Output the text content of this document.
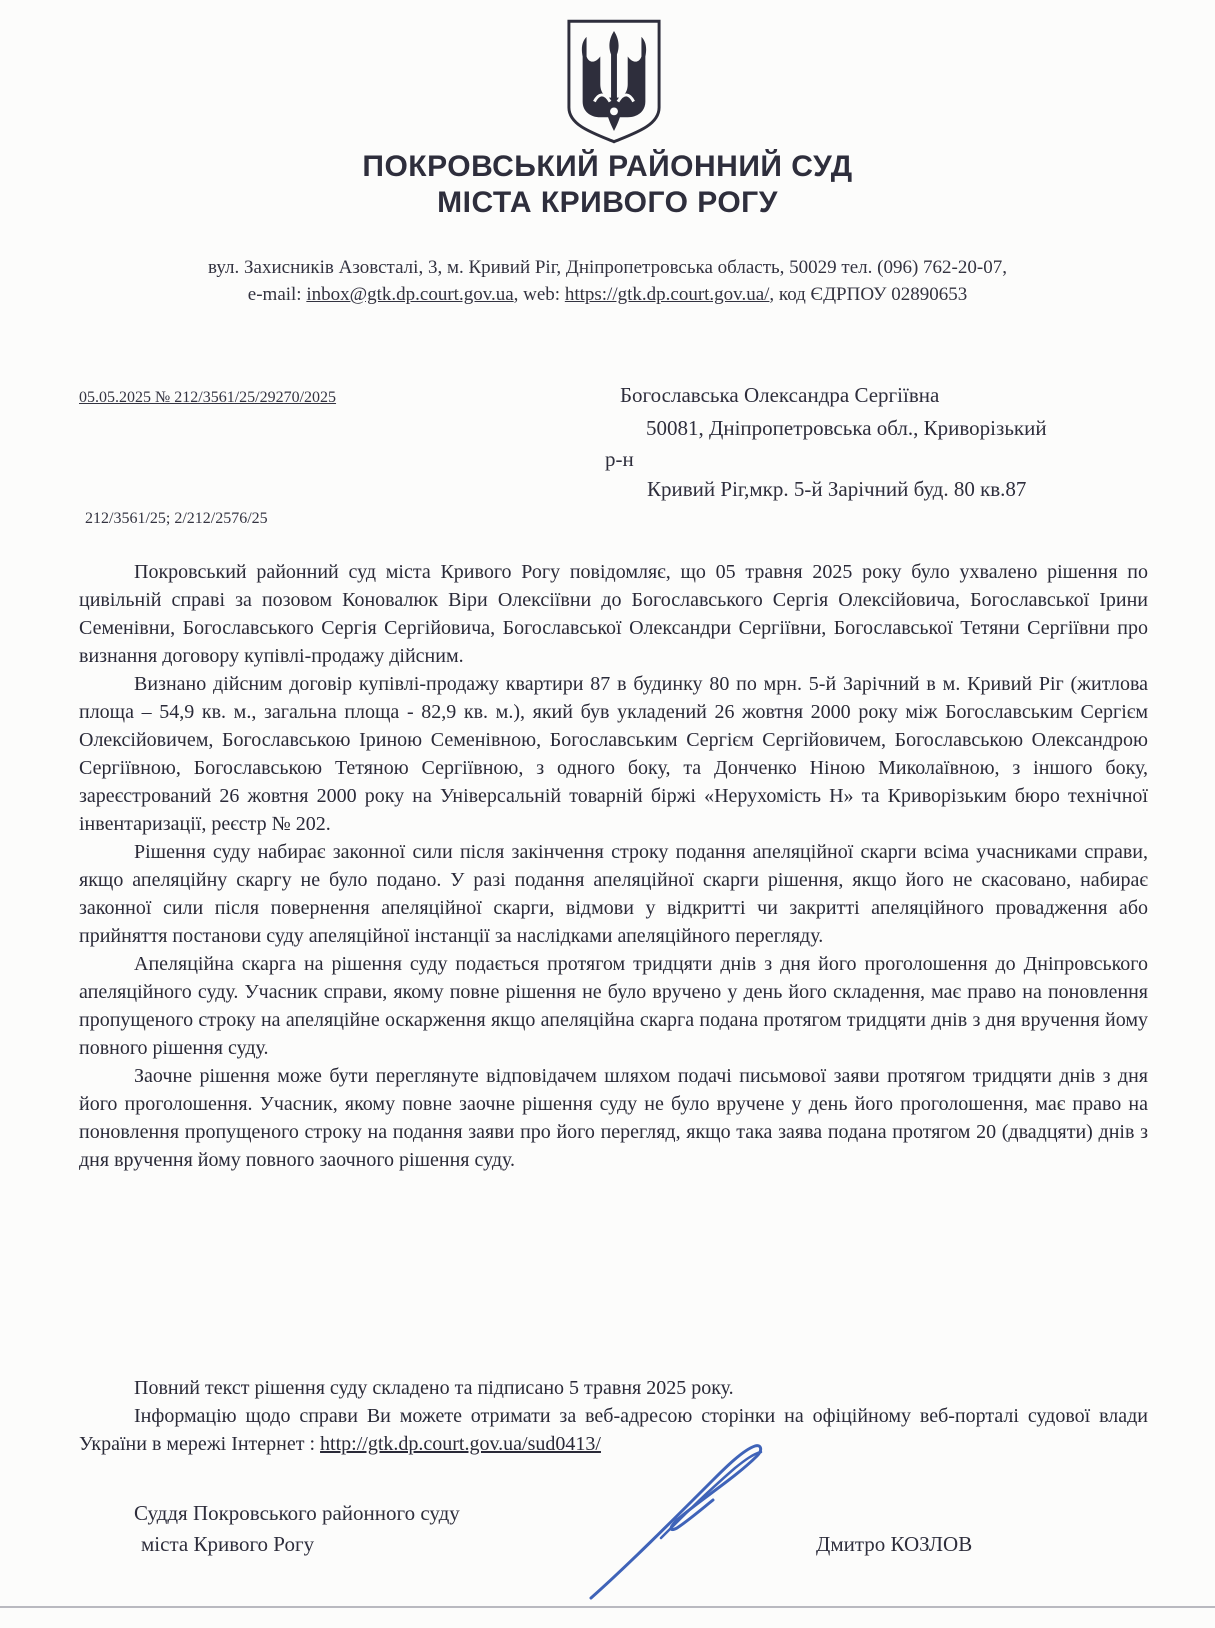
ПОКРОВСЬКИЙ РАЙОННИЙ СУД
МІСТА КРИВОГО РОГУ
вул. Захисників Азовсталі, 3, м. Кривий Ріг, Дніпропетровська область, 50029 тел. (096) 762-20-07,
e-mail: inbox@gtk.dp.court.gov.ua, web: https://gtk.dp.court.gov.ua/, код ЄДРПОУ 02890653
05.05.2025 № 212/3561/25/29270/2025	Богославська Олександра Сергіївна
50081, Дніпропетровська обл., Криворізький
р-н
Кривий Ріг,мкр. 5-й Зарічний буд. 80 кв.87
212/3561/25; 2/212/2576/25

Покровський районний суд міста Кривого Рогу повідомляє, що 05 травня 2025 року було ухвалено рішення по цивільній справі за позовом Коновалюк Віри Олексіївни до Богославського Сергія Олексійовича, Богославської Ірини Семенівни, Богославського Сергія Сергійовича, Богославської Олександри Сергіївни, Богославської Тетяни Сергіївни про визнання договору купівлі-продажу дійсним.

Визнано дійсним договір купівлі-продажу квартири 87 в будинку 80 по мрн. 5-й Зарічний в м. Кривий Ріг (житлова площа – 54,9 кв. м., загальна площа - 82,9 кв. м.), який був укладений 26 жовтня 2000 року між Богославським Сергієм Олексійовичем, Богославською Іриною Семенівною, Богославським Сергієм Сергійовичем, Богославською Олександрою Сергіївною, Богославською Тетяною Сергіївною, з одного боку, та Донченко Ніною Миколаївною, з іншого боку, зареєстрований 26 жовтня 2000 року на Універсальній товарній біржі «Нерухомість Н» та Криворізьким бюро технічної інвентаризації, реєстр № 202.

Рішення суду набирає законної сили після закінчення строку подання апеляційної скарги всіма учасниками справи, якщо апеляційну скаргу не було подано. У разі подання апеляційної скарги рішення, якщо його не скасовано, набирає законної сили після повернення апеляційної скарги, відмови у відкритті чи закритті апеляційного провадження або прийняття постанови суду апеляційної інстанції за наслідками апеляційного перегляду.

Апеляційна скарга на рішення суду подається протягом тридцяти днів з дня його проголошення до Дніпровського апеляційного суду. Учасник справи, якому повне рішення не було вручено у день його складення, має право на поновлення пропущеного строку на апеляційне оскарження якщо апеляційна скарга подана протягом тридцяти днів з дня вручення йому повного рішення суду.

Заочне рішення може бути переглянуте відповідачем шляхом подачі письмової заяви протягом тридцяти днів з дня його проголошення. Учасник, якому повне заочне рішення суду не було вручене у день його проголошення, має право на поновлення пропущеного строку на подання заяви про його перегляд, якщо така заява подана протягом 20 (двадцяти) днів з дня вручення йому повного заочного рішення суду.

Повний текст рішення суду складено та підписано 5 травня 2025 року.

Інформацію щодо справи Ви можете отримати за веб-адресою сторінки на офіційному веб-порталі судової влади України в мережі Інтернет : http://gtk.dp.court.gov.ua/sud0413/

Суддя Покровського районного суду
міста Кривого Рогу	Дмитро КОЗЛОВ
